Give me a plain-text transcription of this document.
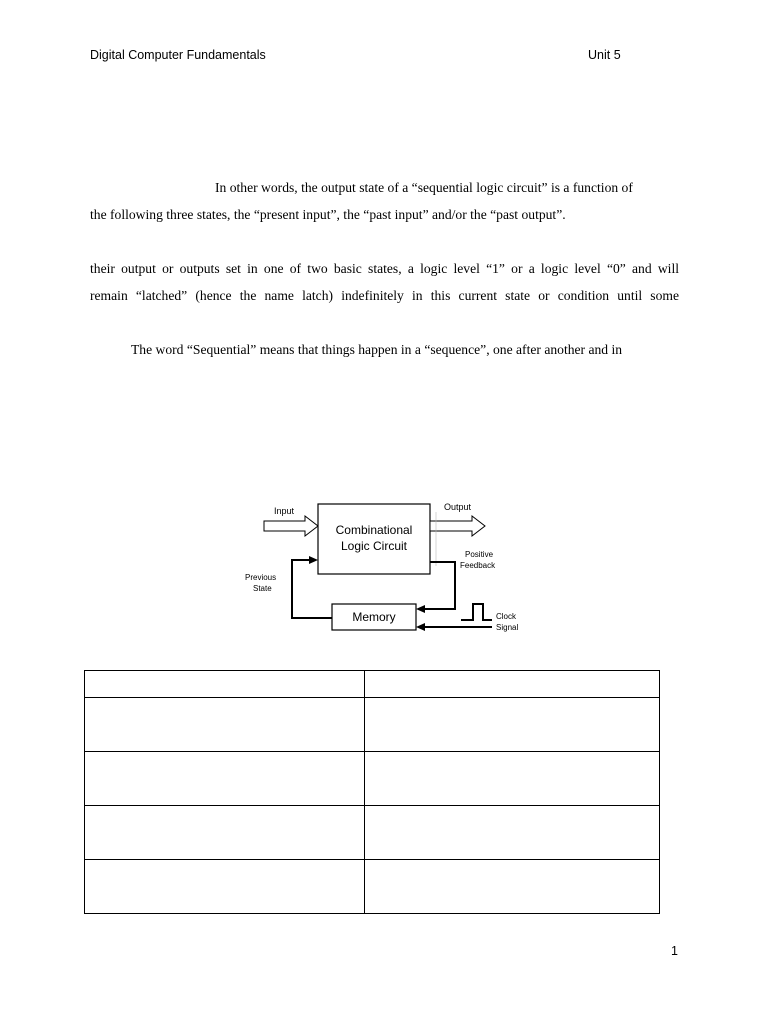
Digital Computer Fundamentals	Unit 5
In other words, the output state of a “sequential logic circuit” is a function of
the following three states, the “present input”, the “past input” and/or the “past output”.
their output or outputs set in one of two basic states, a logic level “1” or a logic level “0” and will
remain “latched” (hence the name latch) indefinitely in this current state or condition until some
The word “Sequential” means that things happen in a “sequence”, one after another and in
Input	Output
Combinational
Logic Circuit
Positive
Feedback
Previous
State
Memory	Clock
Signal

1
